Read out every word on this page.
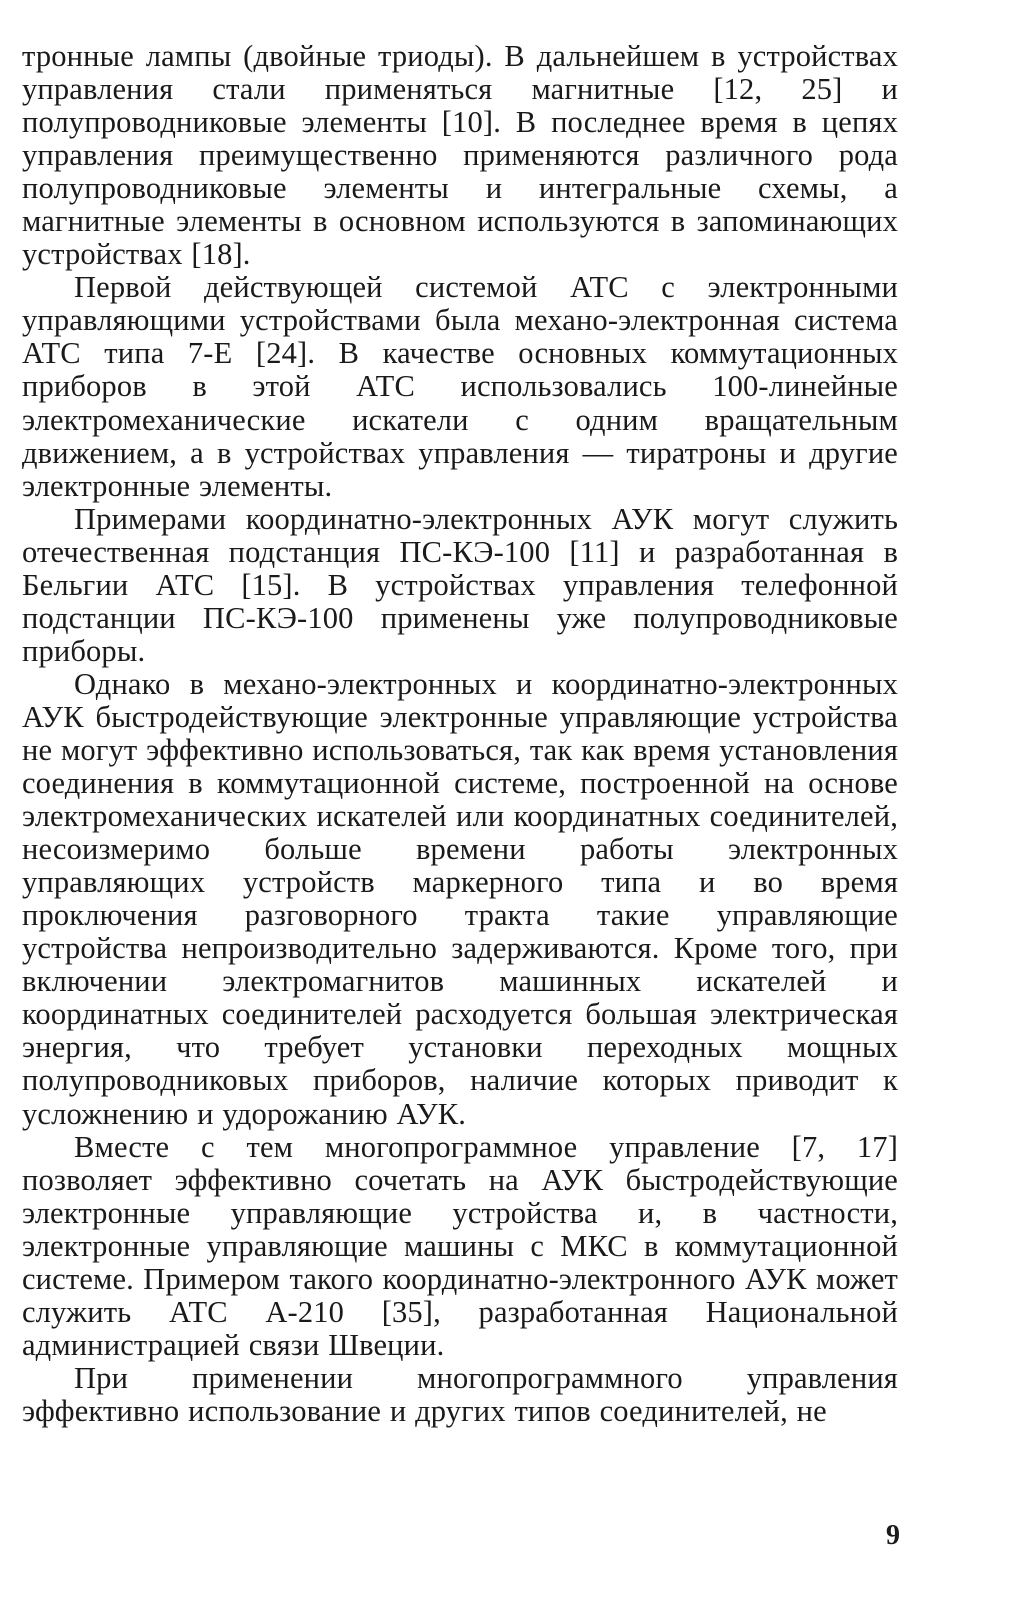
тронные лампы (двойные триоды). В дальнейшем в устройствах управления стали применяться магнитные [12, 25] и полупроводниковые элементы [10]. В последнее время в цепях управления преимущественно применяются различного рода полупроводниковые элементы и интегральные схемы, а магнитные элементы в основном используются в запоминающих устройствах [18].

Первой действующей системой АТС с электронными управляющими устройствами была механо-электронная система АТС типа 7-Е [24]. В качестве основных коммутационных приборов в этой АТС использовались 100-линейные электромеханические искатели с одним вращательным движением, а в устройствах управления — тиратроны и другие электронные элементы.

Примерами координатно-электронных АУК могут служить отечественная подстанция ПС-КЭ-100 [11] и разработанная в Бельгии АТС [15]. В устройствах управления телефонной подстанции ПС-КЭ-100 применены уже полупроводниковые приборы.

Однако в механо-электронных и координатно-электронных АУК быстродействующие электронные управляющие устройства не могут эффективно использоваться, так как время установления соединения в коммутационной системе, построенной на основе электромеханических искателей или координатных соединителей, несоизмеримо больше времени работы электронных управляющих устройств маркерного типа и во время проключения разговорного тракта такие управляющие устройства непроизводительно задерживаются. Кроме того, при включении электромагнитов машинных искателей и координатных соединителей расходуется большая электрическая энергия, что требует установки переходных мощных полупроводниковых приборов, наличие которых приводит к усложнению и удорожанию АУК.

Вместе с тем многопрограммное управление [7, 17] позволяет эффективно сочетать на АУК быстродействующие электронные управляющие устройства и, в частности, электронные управляющие машины с МКС в коммутационной системе. Примером такого координатно-электронного АУК может служить АТС А-210 [35], разработанная Национальной администрацией связи Швеции.

При применении многопрограммного управления эффективно использование и других типов соединителей, не

9
